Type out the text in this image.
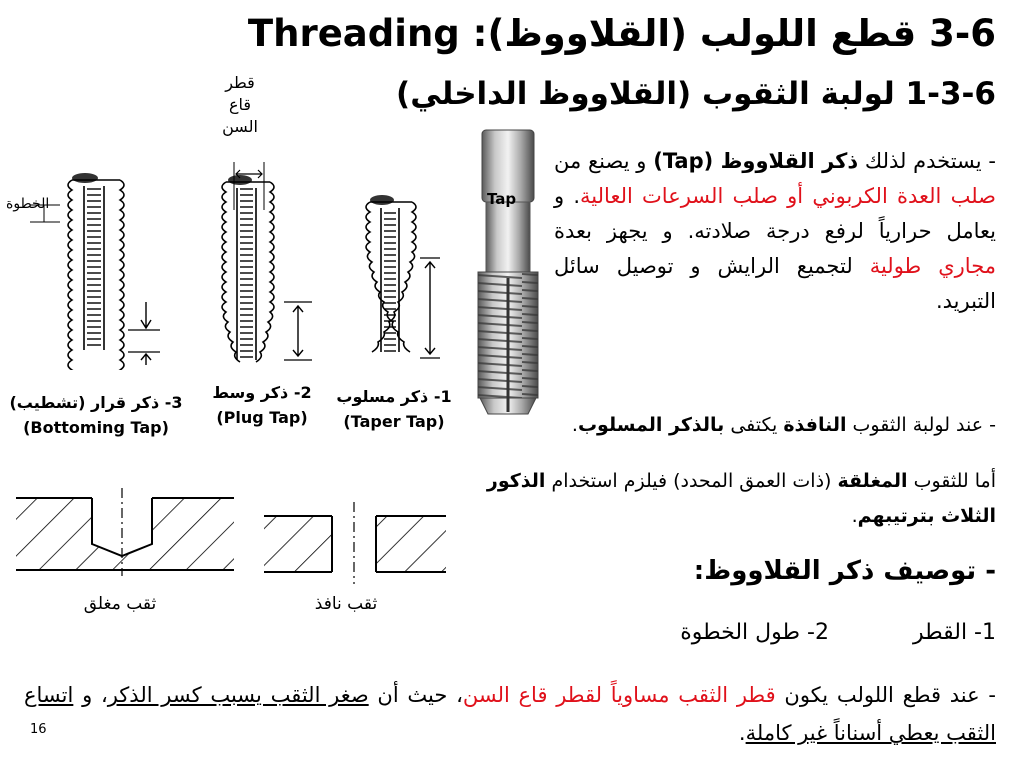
3-6 قطع اللولب (القلاووظ): Threading
1-3-6 لولبة الثقوب (القلاووظ الداخلي)
قطر
قاع
السن
الخطوة
1- ذكر مسلوب
(Taper Tap)
2- ذكر وسط
(Plug Tap)
3- ذكر قرار (تشطيب)
(Bottoming Tap)
Tap
ثقب مغلق	ثقب نافذ
- يستخدم لذلك ذكر القلاووظ (Tap) و يصنع من صلب العدة الكربوني أو صلب السرعات العالية. و يعامل حرارياً لرفع درجة صلادته. و يجهز بعدة مجاري طولية لتجميع الرايش و توصيل سائل التبريد.
- عند لولبة الثقوب النافذة يكتفى بالذكر المسلوب.
أما للثقوب المغلقة (ذات العمق المحدد) فيلزم استخدام الذكور الثلاث بترتيبهم.
- توصيف ذكر القلاووظ:
1- القطر  2- طول الخطوة
- عند قطع اللولب يكون قطر الثقب مساوياً لقطر قاع السن، حيث أن صغر الثقب يسبب كسر الذكر، و اتساع الثقب يعطي أسناناً غير كاملة.
16
